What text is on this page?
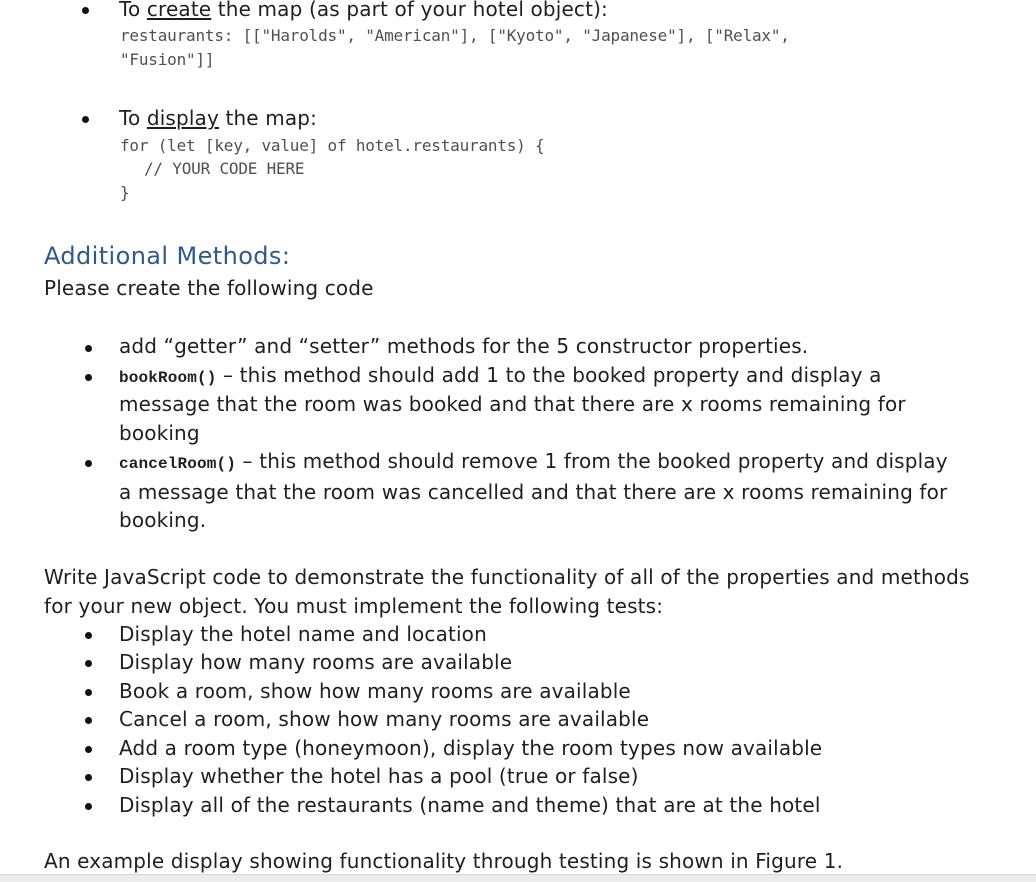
To create the map (as part of your hotel object):
restaurants: [["Harolds", "American"], ["Kyoto", "Japanese"], ["Relax",
"Fusion"]]
To display the map:
for (let [key, value] of hotel.restaurants) {
// YOUR CODE HERE
}
Additional Methods:
Please create the following code
add “getter” and “setter” methods for the 5 constructor properties.
bookRoom() – this method should add 1 to the booked property and display a
message that the room was booked and that there are x rooms remaining for
booking
cancelRoom() – this method should remove 1 from the booked property and display
a message that the room was cancelled and that there are x rooms remaining for
booking.
Write JavaScript code to demonstrate the functionality of all of the properties and methods
for your new object. You must implement the following tests:
Display the hotel name and location
Display how many rooms are available
Book a room, show how many rooms are available
Cancel a room, show how many rooms are available
Add a room type (honeymoon), display the room types now available
Display whether the hotel has a pool (true or false)
Display all of the restaurants (name and theme) that are at the hotel
An example display showing functionality through testing is shown in Figure 1.
